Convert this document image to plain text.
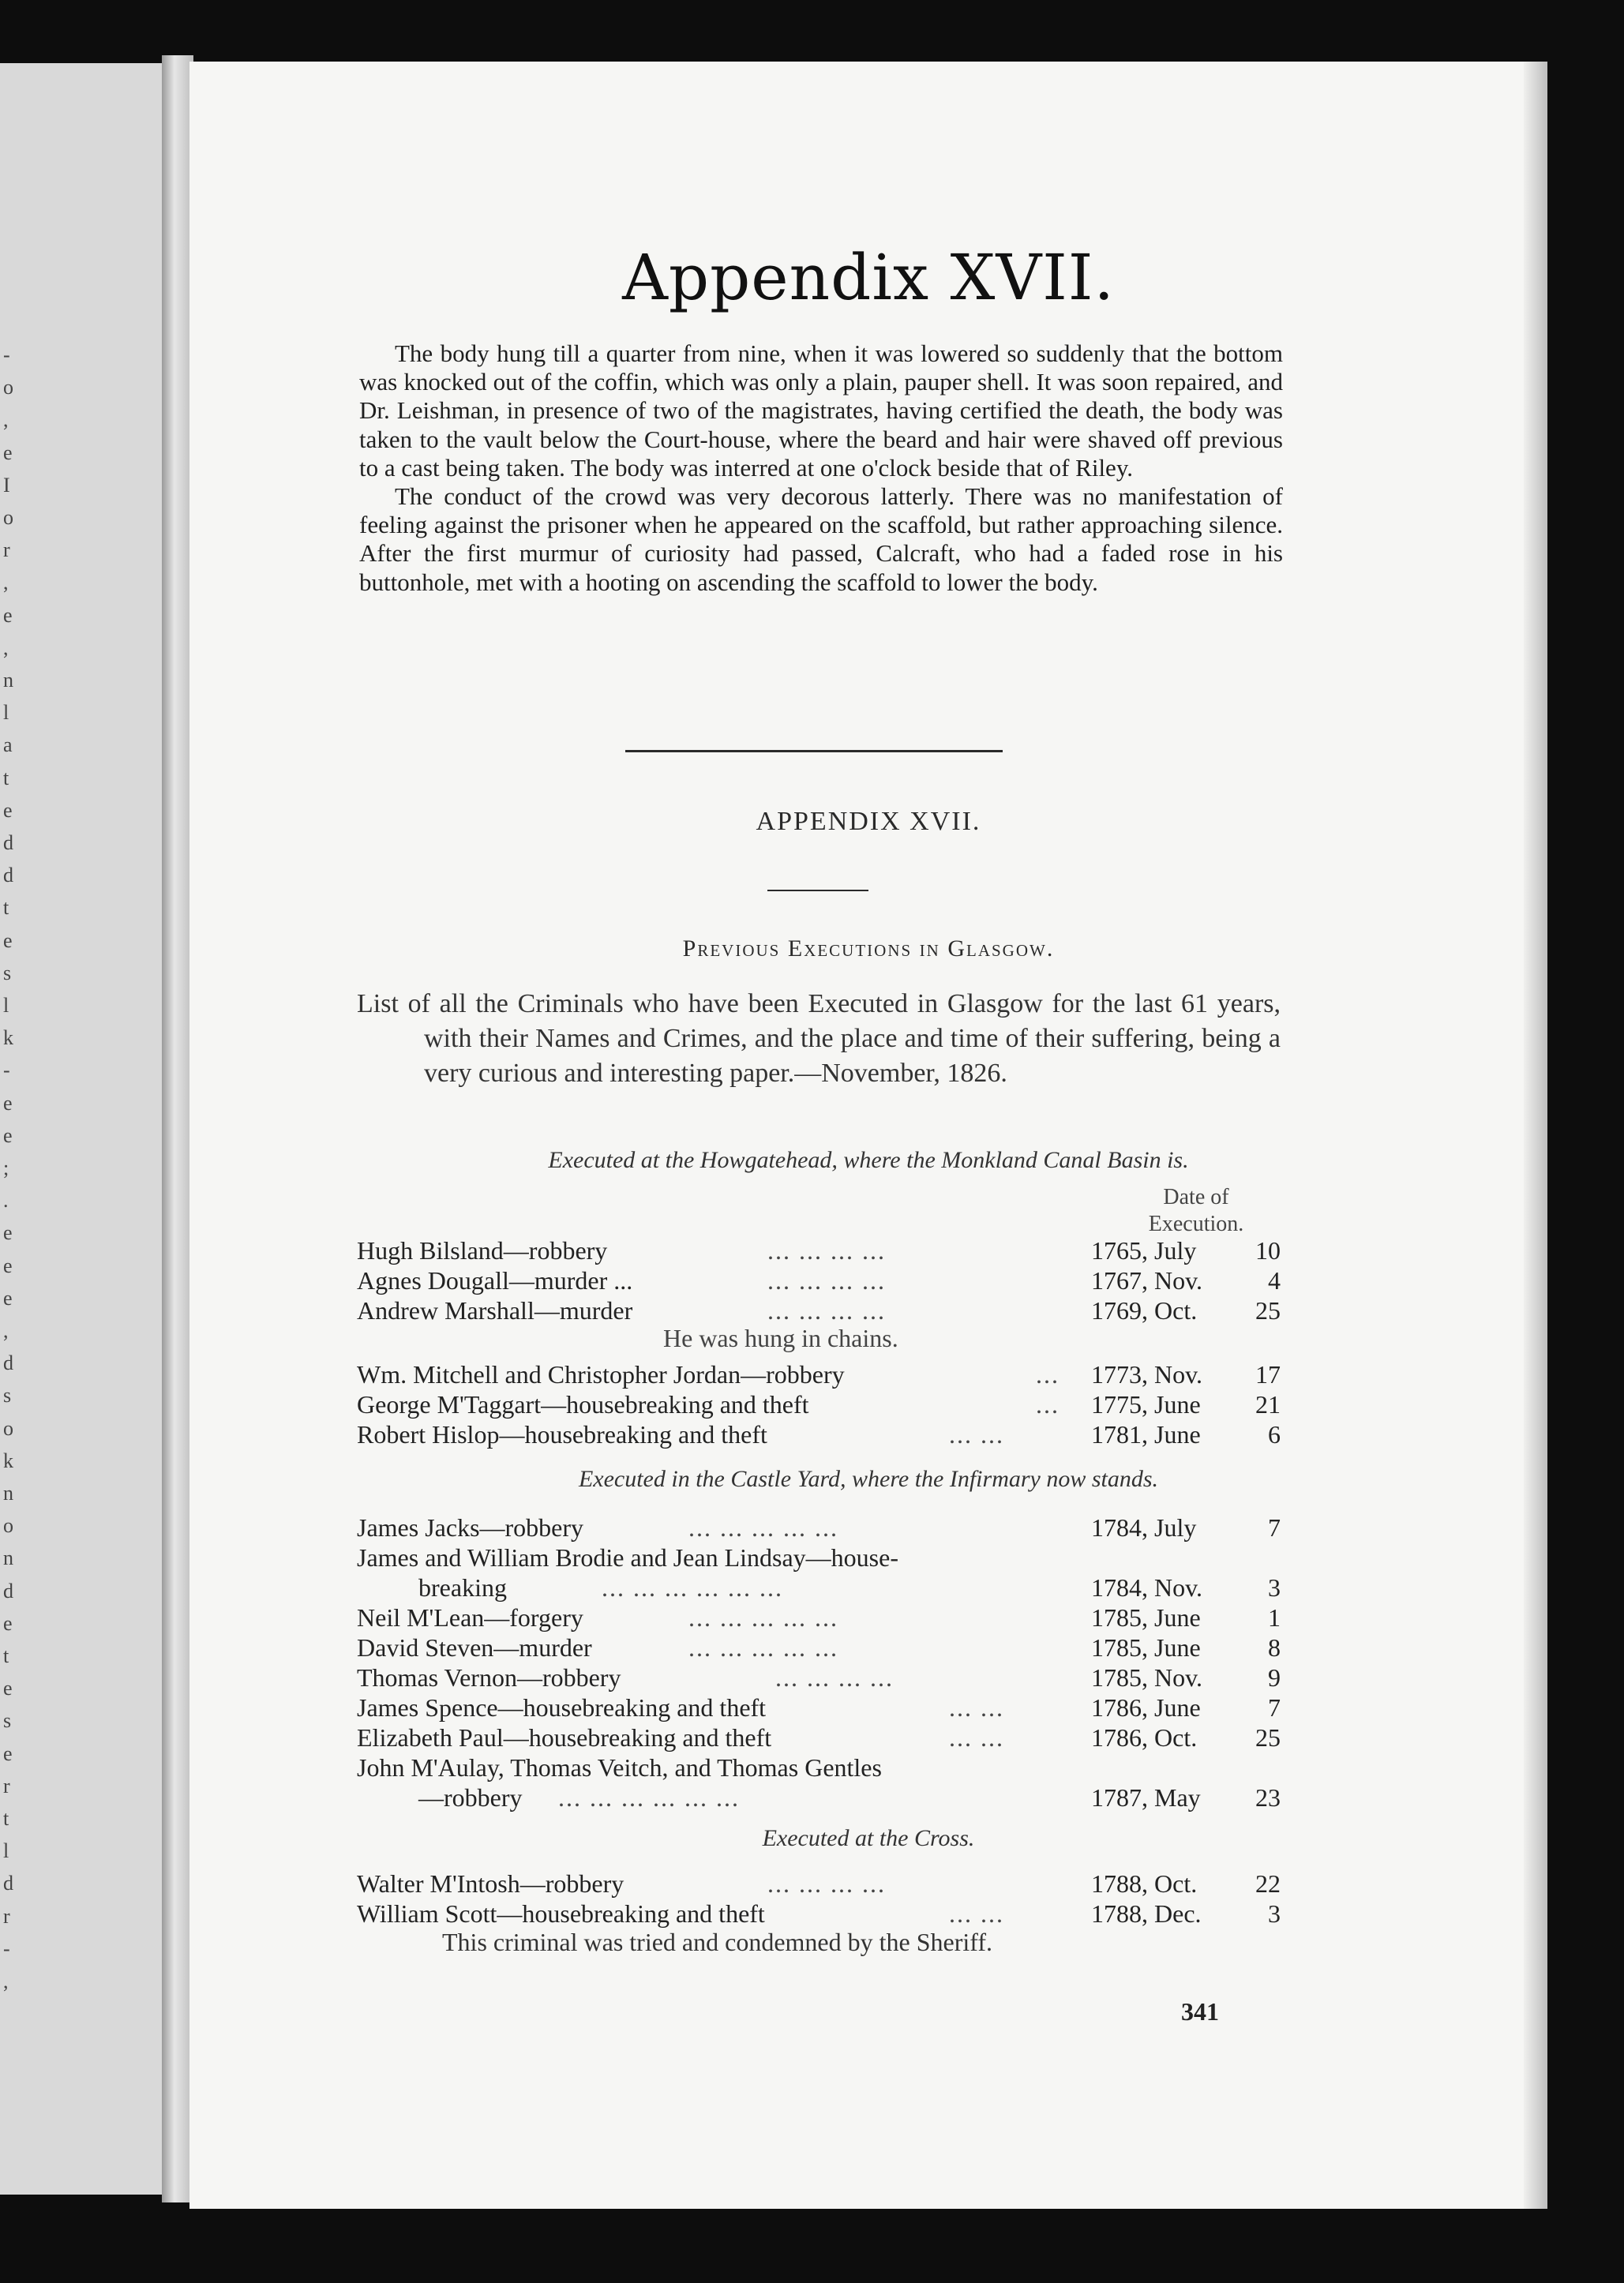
Appendix XVII.

The body hung till a quarter from nine, when it was lowered so suddenly that the bottom was knocked out of the coffin, which was only a plain, pauper shell. It was soon repaired, and Dr. Leishman, in presence of two of the magistrates, having certified the death, the body was taken to the vault below the Court-house, where the beard and hair were shaved off previous to a cast being taken. The body was interred at one o'clock beside that of Riley.

The conduct of the crowd was very decorous latterly. There was no manifestation of feeling against the prisoner when he appeared on the scaffold, but rather approaching silence. After the first murmur of curiosity had passed, Calcraft, who had a faded rose in his buttonhole, met with a hooting on ascending the scaffold to lower the body.

APPENDIX XVII.
Previous Executions in Glasgow.
List of all the Criminals who have been Executed in Glasgow for the last 61 years, with their Names and Crimes, and the place and time of their suffering, being a very curious and interesting paper.—November, 1826.
Executed at the Howgatehead, where the Monkland Canal Basin is.
Date of
Execution.
Hugh Bilsland—robbery	... ... ... ...	1765, July 10
Agnes Dougall—murder ...	... ... ... ...	1767, Nov.	4
Andrew Marshall—murder	... ... ... ...	1769, Oct. 25
He was hung in chains.
Wm. Mitchell and Christopher Jordan—robbery	... 1773, Nov. 17
George M'Taggart—housebreaking and theft	... 1775, June 21
Robert Hislop—housebreaking and theft	... ...	1781, June	6
Executed in the Castle Yard, where the Infirmary now stands.
James Jacks—robbery	... ... ... ... ...	1784, July	7
James and William Brodie and Jean Lindsay—house-
breaking	... ... ... ... ... ...	1784, Nov.	3
Neil M'Lean—forgery	... ... ... ... ...	1785, June	1
David Steven—murder	... ... ... ... ...	1785, June	8
Thomas Vernon—robbery	... ... ... ...	1785, Nov.	9
James Spence—housebreaking and theft	... ...	1786, June	7
Elizabeth Paul—housebreaking and theft	... ...	1786, Oct. 25
John M'Aulay, Thomas Veitch, and Thomas Gentles
—robbery ... ... ... ... ... ...	1787, May 23
Executed at the Cross.
Walter M'Intosh—robbery	... ... ... ...	1788, Oct. 22
William Scott—housebreaking and theft	... ...	1788, Dec.	3
This criminal was tried and condemned by the Sheriff.
341
-
o
,
e
I
o
r
,
e
,
n
l
a
t
e
d
d
t
e
s
l
k
-
e
e
;
.
e
e
e
,
d
s
o
k
n
o
n
d
e
t
e
s
e
r
t
l
d
r
-
,
